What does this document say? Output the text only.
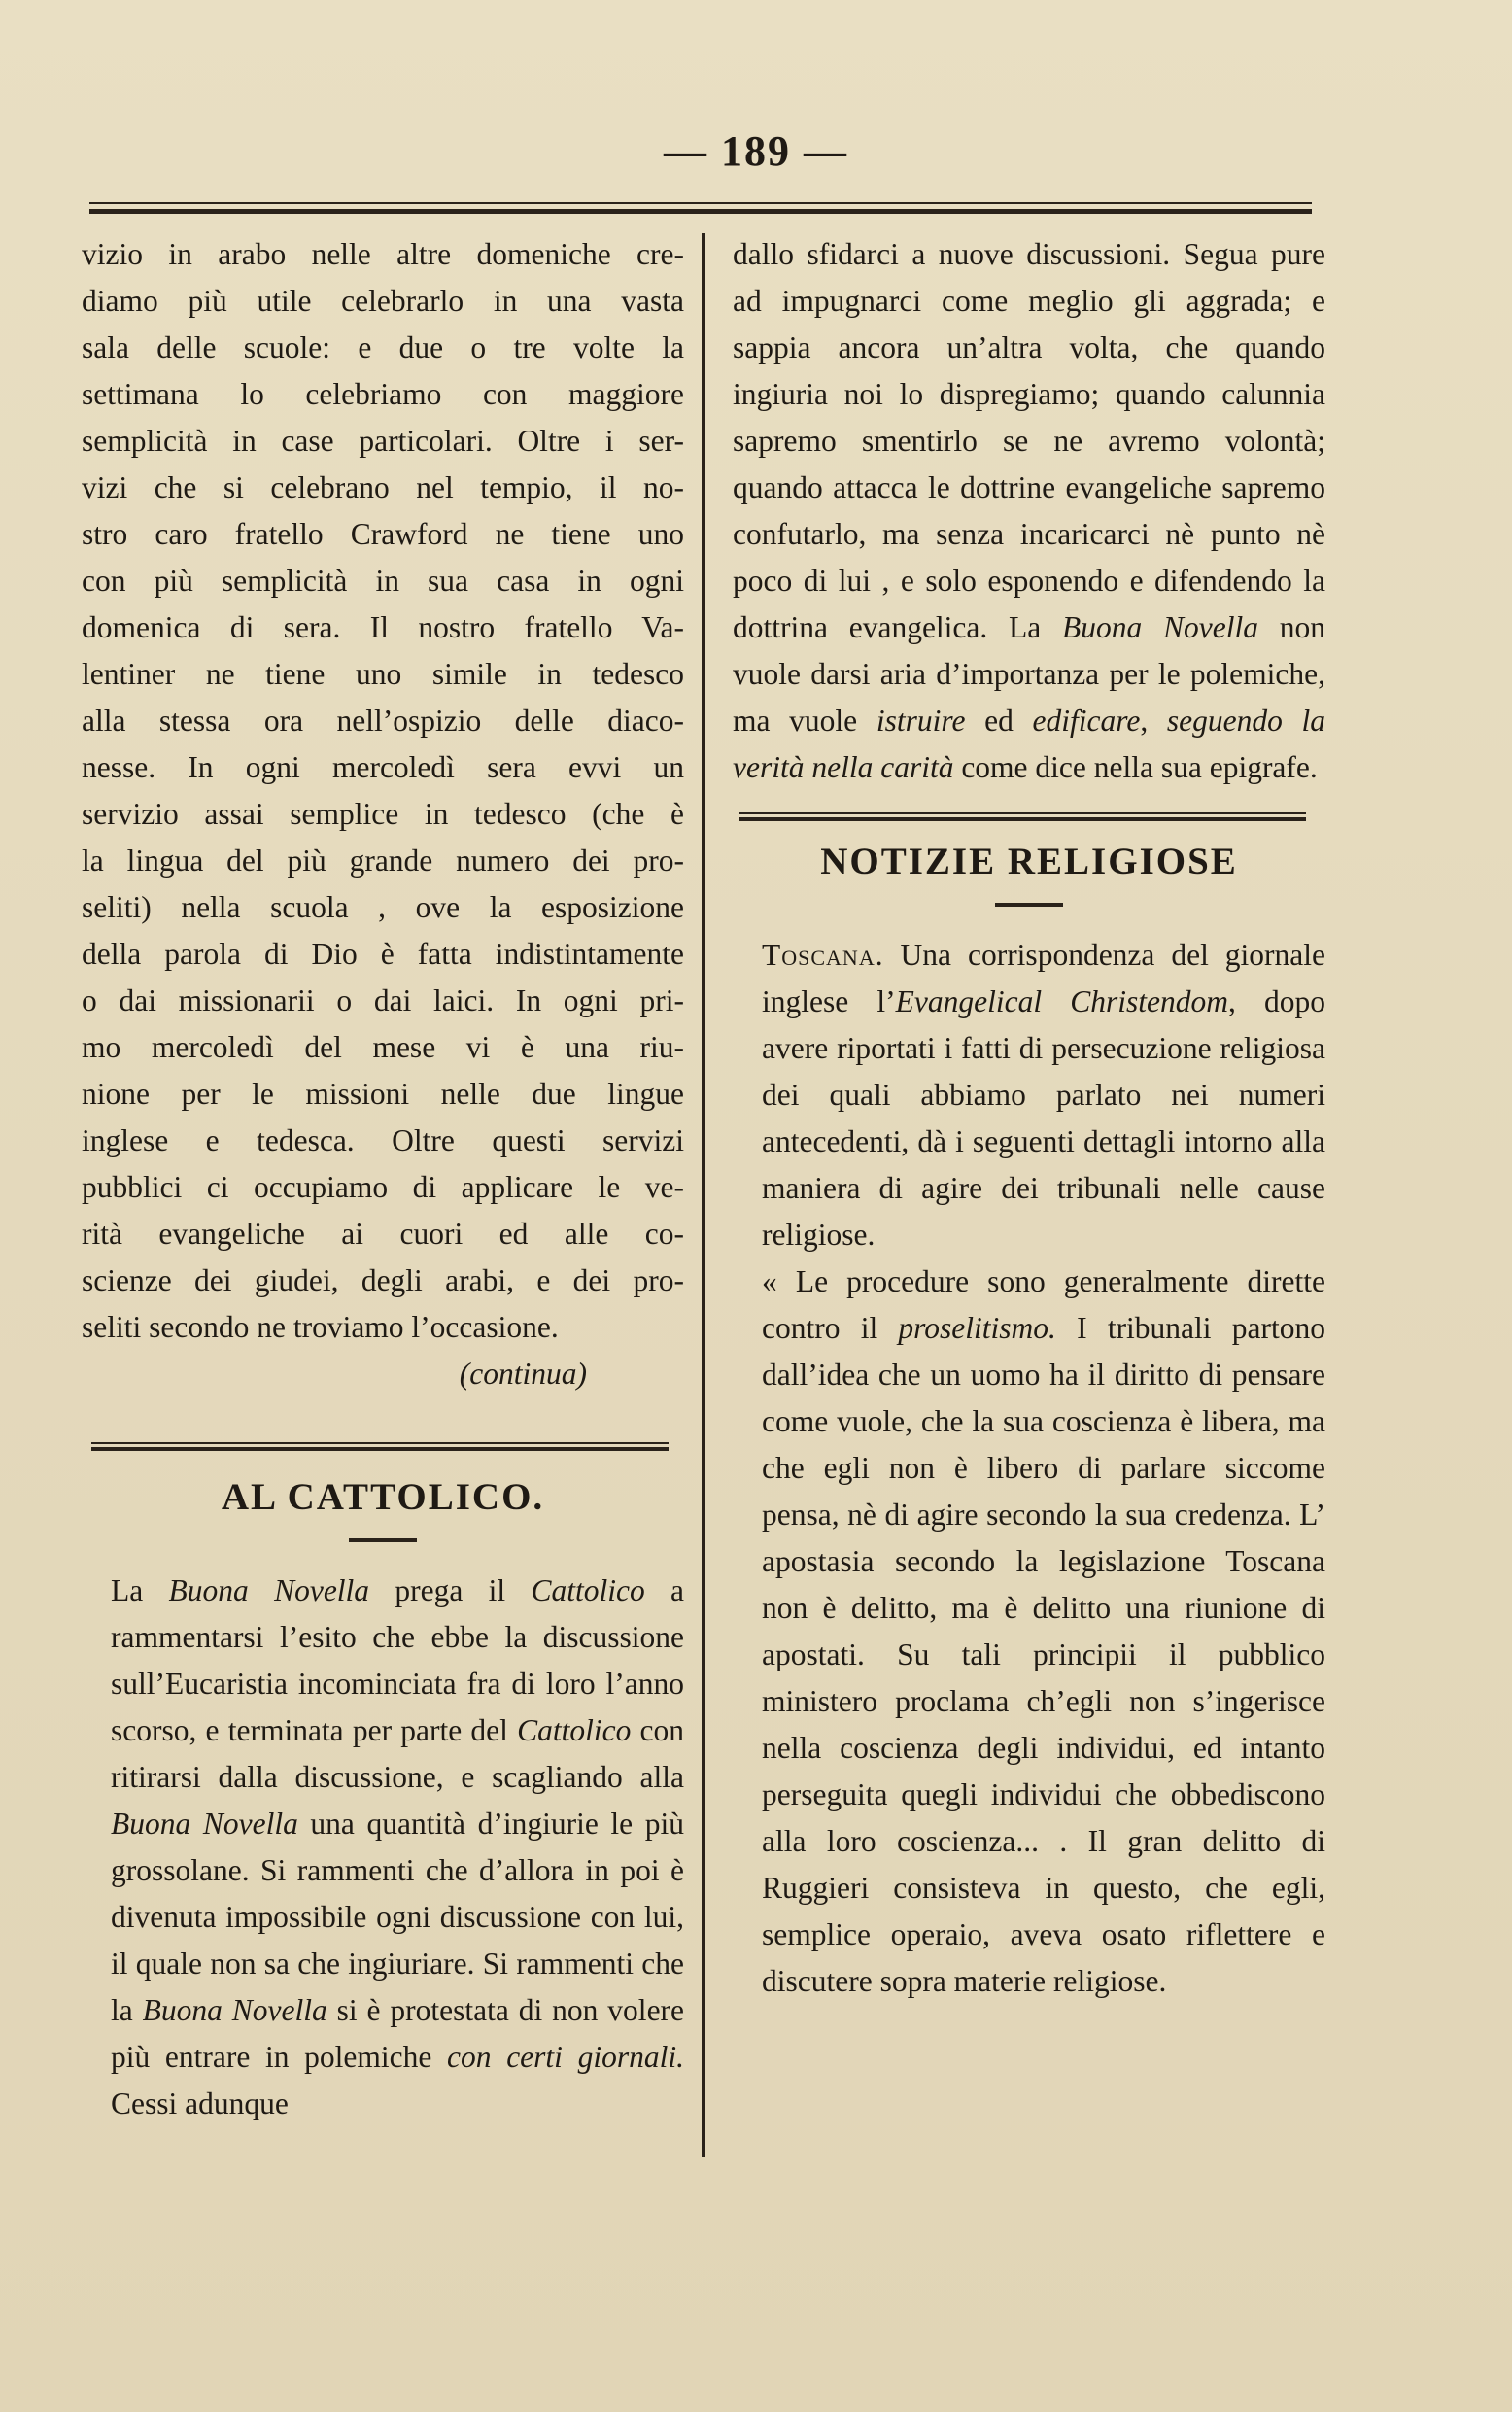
— 189 —

vizio in arabo nelle altre domeniche cre-
diamo più utile celebrarlo in una vasta
sala delle scuole: e due o tre volte la
settimana lo celebriamo con maggiore
semplicità in case particolari. Oltre i ser-
vizi che si celebrano nel tempio, il no-
stro caro fratello Crawford ne tiene uno
con più semplicità in sua casa in ogni
domenica di sera. Il nostro fratello Va-
lentiner ne tiene uno simile in tedesco
alla stessa ora nell’ospizio delle diaco-
nesse. In ogni mercoledì sera evvi un
servizio assai semplice in tedesco (che è
la lingua del più grande numero dei pro-
seliti) nella scuola , ove la esposizione
della parola di Dio è fatta indistintamente
o dai missionarii o dai laici. In ogni pri-
mo mercoledì del mese vi è una riu-
nione per le missioni nelle due lingue
inglese e tedesca. Oltre questi servizi
pubblici ci occupiamo di applicare le ve-
rità evangeliche ai cuori ed alle co-
scienze dei giudei, degli arabi, e dei pro-
seliti secondo ne troviamo l’occasione.

(continua)

AL CATTOLICO.

La Buona Novella prega il Cattolico a rammentarsi l’esito che ebbe la discussione sull’Eucaristia incominciata fra di loro l’anno scorso, e terminata per parte del Cattolico con ritirarsi dalla discussione, e scagliando alla Buona Novella una quantità d’ingiurie le più grossolane. Si rammenti che d’allora in poi è divenuta impossibile ogni discussione con lui, il quale non sa che ingiuriare. Si rammenti che la Buona Novella si è protestata di non volere più entrare in polemiche con certi giornali. Cessi adunque

dallo sfidarci a nuove discussioni. Segua pure ad impugnarci come meglio gli aggrada; e sappia ancora un’altra volta, che quando ingiuria noi lo dispregiamo; quando calunnia sapremo smentirlo se ne avremo volontà; quando attacca le dottrine evangeliche sapremo confutarlo, ma senza incaricarci nè punto nè poco di lui , e solo esponendo e difendendo la dottrina evangelica. La Buona Novella non vuole darsi aria d’importanza per le polemiche, ma vuole istruire ed edificare, seguendo la verità nella carità come dice nella sua epigrafe.

NOTIZIE RELIGIOSE

Toscana. Una corrispondenza del giornale inglese l’Evangelical Christendom, dopo avere riportati i fatti di persecuzione religiosa dei quali abbiamo parlato nei numeri antecedenti, dà i seguenti dettagli intorno alla maniera di agire dei tribunali nelle cause religiose.

« Le procedure sono generalmente dirette contro il proselitismo. I tribunali partono dall’idea che un uomo ha il diritto di pensare come vuole, che la sua coscienza è libera, ma che egli non è libero di parlare siccome pensa, nè di agire secondo la sua credenza. L’ apostasia secondo la legislazione Toscana non è delitto, ma è delitto una riunione di apostati. Su tali principii il pubblico ministero proclama ch’egli non s’ingerisce nella coscienza degli individui, ed intanto perseguita quegli individui che obbediscono alla loro coscienza... . Il gran delitto di Ruggieri consisteva in questo, che egli, semplice operaio, aveva osato riflettere e discutere sopra materie religiose.
